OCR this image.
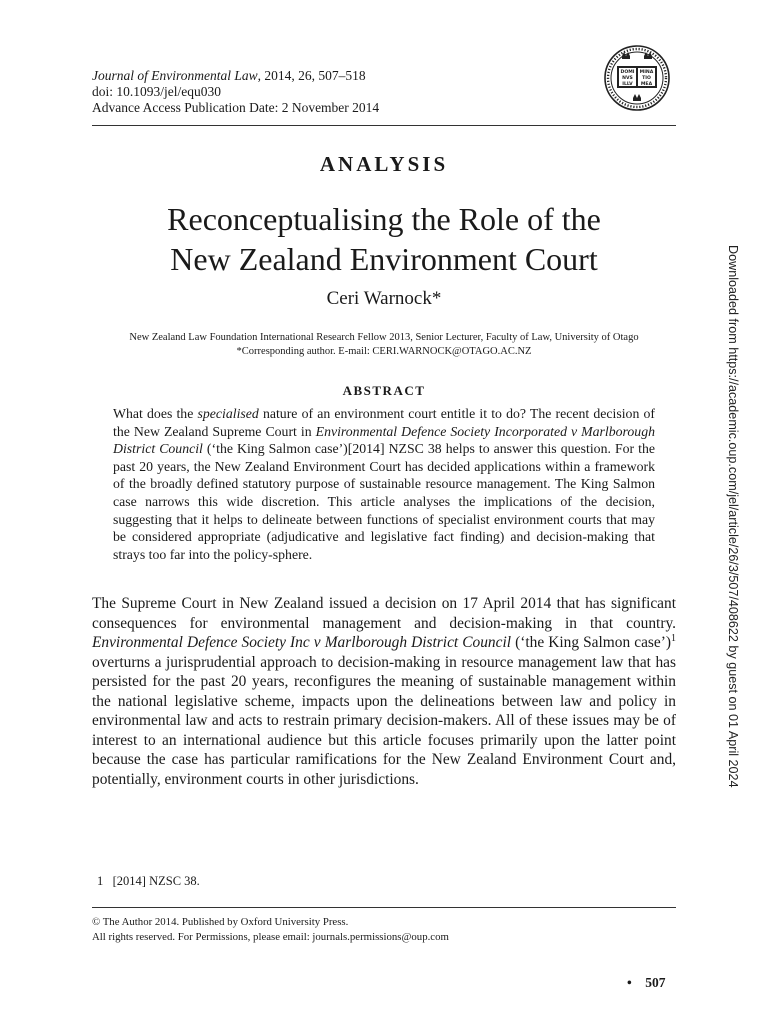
Journal of Environmental Law, 2014, 26, 507–518
doi: 10.1093/jel/equ030
Advance Access Publication Date: 2 November 2014
DOMI
NVS
ILLV
MINA
TIO
MEA
ANALYSIS
Reconceptualising the Role of the
New Zealand Environment Court
Ceri Warnock*
New Zealand Law Foundation International Research Fellow 2013, Senior Lecturer, Faculty of Law, University of Otago
*Corresponding author. E-mail: CERI.WARNOCK@OTAGO.AC.NZ
ABSTRACT
What does the specialised nature of an environment court entitle it to do? The recent decision of the New Zealand Supreme Court in Environmental Defence Society Incorporated v Marlborough District Council (‘the King Salmon case’)[2014] NZSC 38 helps to answer this question. For the past 20 years, the New Zealand Environment Court has decided applications within a framework of the broadly defined statutory purpose of sustainable resource management. The King Salmon case narrows this wide discretion. This article analyses the implications of the decision, suggesting that it helps to delineate between functions of specialist environment courts that may be considered appropriate (adjudicative and legislative fact finding) and decision-making that strays too far into the policy-sphere.
The Supreme Court in New Zealand issued a decision on 17 April 2014 that has significant consequences for environmental management and decision-making in that country. Environmental Defence Society Inc v Marlborough District Council (‘the King Salmon case’)$^1$ overturns a jurisprudential approach to decision-making in resource management law that has persisted for the past 20 years, reconfigures the meaning of sustainable management within the national legislative scheme, impacts upon the delineations between law and policy in environmental law and acts to restrain primary decision-makers. All of these issues may be of interest to an international audience but this article focuses primarily upon the latter point because the case has particular ramifications for the New Zealand Environment Court and, potentially, environment courts in other jurisdictions.
1 [2014] NZSC 38.
© The Author 2014. Published by Oxford University Press.
All rights reserved. For Permissions, please email: journals.permissions@oup.com
• 507
Downloaded from https://academic.oup.com/jel/article/26/3/507/408622 by guest on 01 April 2024
